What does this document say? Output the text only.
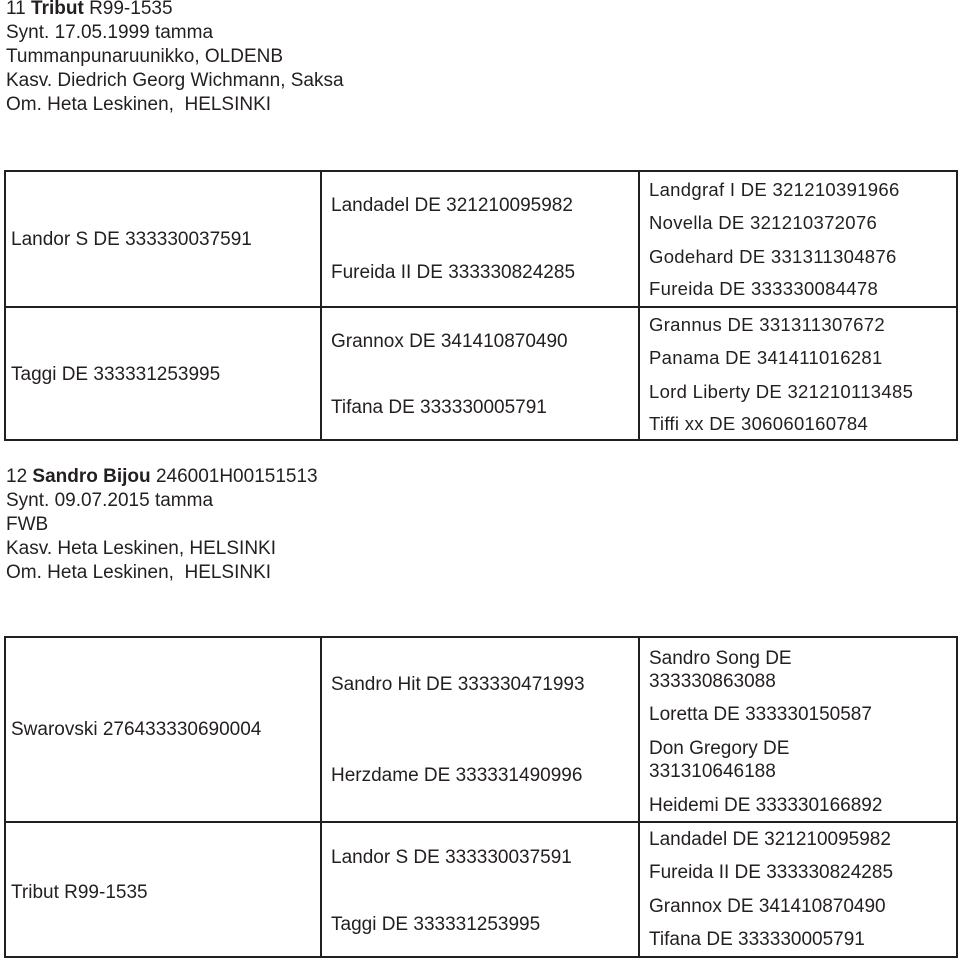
11 Tribut R99-1535
Synt. 17.05.1999 tamma
Tummanpunaruunikko, OLDENB
Kasv. Diedrich Georg Wichmann, Saksa
Om. Heta Leskinen,  HELSINKI
Landor S DE 333330037591
Taggi DE 333331253995
Landadel DE 321210095982
Fureida II DE 333330824285
Grannox DE 341410870490
Tifana DE 333330005791
Landgraf I DE 321210391966
Novella DE 321210372076
Godehard DE 331311304876
Fureida DE 333330084478
Grannus DE 331311307672
Panama DE 341411016281
Lord Liberty DE 321210113485
Tiffi xx DE 306060160784
12 Sandro Bijou 246001H00151513
Synt. 09.07.2015 tamma
FWB
Kasv. Heta Leskinen, HELSINKI
Om. Heta Leskinen,  HELSINKI
Swarovski 276433330690004
Tribut R99-1535
Sandro Hit DE 333330471993
Herzdame DE 333331490996
Landor S DE 333330037591
Taggi DE 333331253995
Sandro Song DE
333330863088
Loretta DE 333330150587
Don Gregory DE
331310646188
Heidemi DE 333330166892
Landadel DE 321210095982
Fureida II DE 333330824285
Grannox DE 341410870490
Tifana DE 333330005791
